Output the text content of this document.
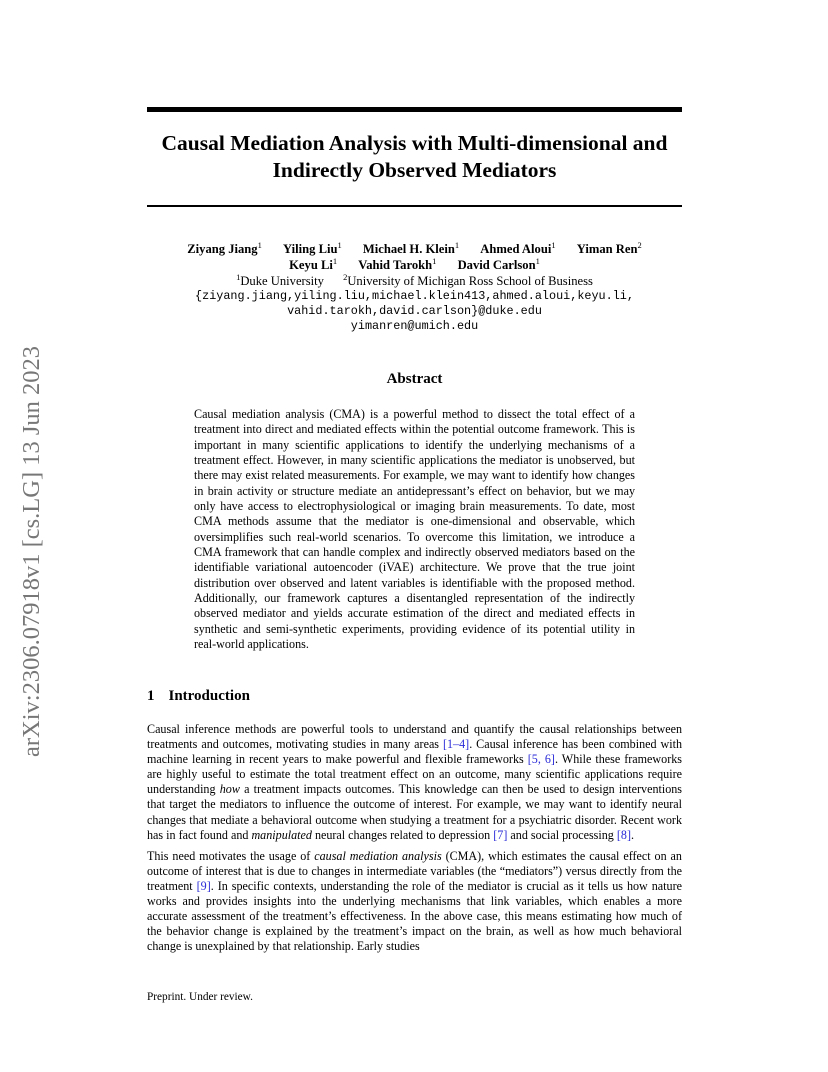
arXiv:2306.07918v1 [cs.LG] 13 Jun 2023
Causal Mediation Analysis with Multi-dimensional and Indirectly Observed Mediators
Ziyang Jiang$^1$ Yiling Liu$^1$ Michael H. Klein$^1$ Ahmed Aloui$^1$ Yiman Ren$^2$
Keyu Li$^1$ Vahid Tarokh$^1$ David Carlson$^1$
$^1$Duke University $^2$University of Michigan Ross School of Business
{ziyang.jiang,yiling.liu,michael.klein413,ahmed.aloui,keyu.li,
vahid.tarokh,david.carlson}@duke.edu
yimanren@umich.edu
Abstract

Causal mediation analysis (CMA) is a powerful method to dissect the total effect of a treatment into direct and mediated effects within the potential outcome framework. This is important in many scientific applications to identify the underlying mechanisms of a treatment effect. However, in many scientific applications the mediator is unobserved, but there may exist related measurements. For example, we may want to identify how changes in brain activity or structure mediate an antidepressant’s effect on behavior, but we may only have access to electrophysiological or imaging brain measurements. To date, most CMA methods assume that the mediator is one-dimensional and observable, which oversimplifies such real-world scenarios. To overcome this limitation, we introduce a CMA framework that can handle complex and indirectly observed mediators based on the identifiable variational autoencoder (iVAE) architecture. We prove that the true joint distribution over observed and latent variables is identifiable with the proposed method. Additionally, our framework captures a disentangled representation of the indirectly observed mediator and yields accurate estimation of the direct and mediated effects in synthetic and semi-synthetic experiments, providing evidence of its potential utility in real-world applications.

1 Introduction

Causal inference methods are powerful tools to understand and quantify the causal relationships between treatments and outcomes, motivating studies in many areas [1–4]. Causal inference has been combined with machine learning in recent years to make powerful and flexible frameworks [5, 6]. While these frameworks are highly useful to estimate the total treatment effect on an outcome, many scientific applications require understanding how a treatment impacts outcomes. This knowledge can then be used to design interventions that target the mediators to influence the outcome of interest. For example, we may want to identify neural changes that mediate a behavioral outcome when studying a treatment for a psychiatric disorder. Recent work has in fact found and manipulated neural changes related to depression [7] and social processing [8].

This need motivates the usage of causal mediation analysis (CMA), which estimates the causal effect on an outcome of interest that is due to changes in intermediate variables (the “mediators”) versus directly from the treatment [9]. In specific contexts, understanding the role of the mediator is crucial as it tells us how nature works and provides insights into the underlying mechanisms that link variables, which enables a more accurate assessment of the treatment’s effectiveness. In the above case, this means estimating how much of the behavior change is explained by the treatment’s impact on the brain, as well as how much behavioral change is unexplained by that relationship. Early studies

Preprint. Under review.
